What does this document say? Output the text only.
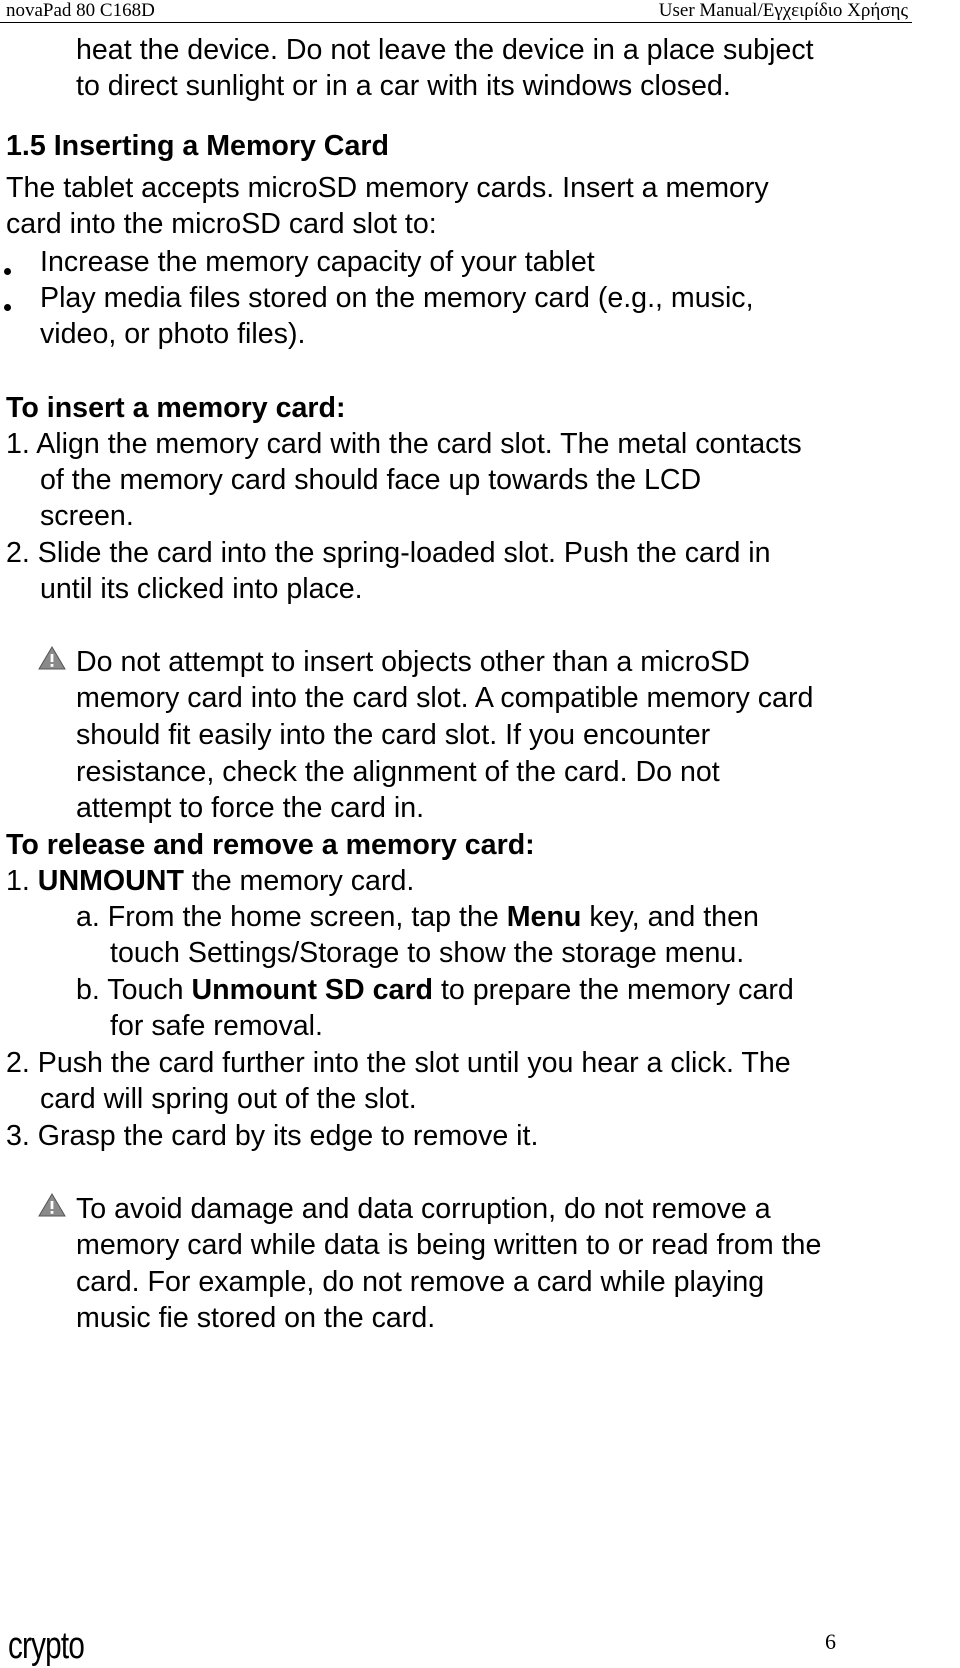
novaPad 80 C168D	User Manual/Εγχειρίδιο Χρήσης
heat the device. Do not leave the device in a place subject
to direct sunlight or in a car with its windows closed.
1.5 Inserting a Memory Card
The tablet accepts microSD memory cards. Insert a memory
card into the microSD card slot to:
Increase the memory capacity of your tablet
Play media files stored on the memory card (e.g., music,
video, or photo files).
To insert a memory card:
1. Align the memory card with the card slot. The metal contacts
of the memory card should face up towards the LCD
screen.
2. Slide the card into the spring-loaded slot. Push the card in
until its clicked into place.
Do not attempt to insert objects other than a microSD
memory card into the card slot. A compatible memory card
should fit easily into the card slot. If you encounter
resistance, check the alignment of the card. Do not
attempt to force the card in.
To release and remove a memory card:
1. UNMOUNT the memory card.
a. From the home screen, tap the Menu key, and then
touch Settings/Storage to show the storage menu.
b. Touch Unmount SD card to prepare the memory card
for safe removal.
2. Push the card further into the slot until you hear a click. The
card will spring out of the slot.
3. Grasp the card by its edge to remove it.
To avoid damage and data corruption, do not remove a
memory card while data is being written to or read from the
card. For example, do not remove a card while playing
music fie stored on the card.
crypto	6
